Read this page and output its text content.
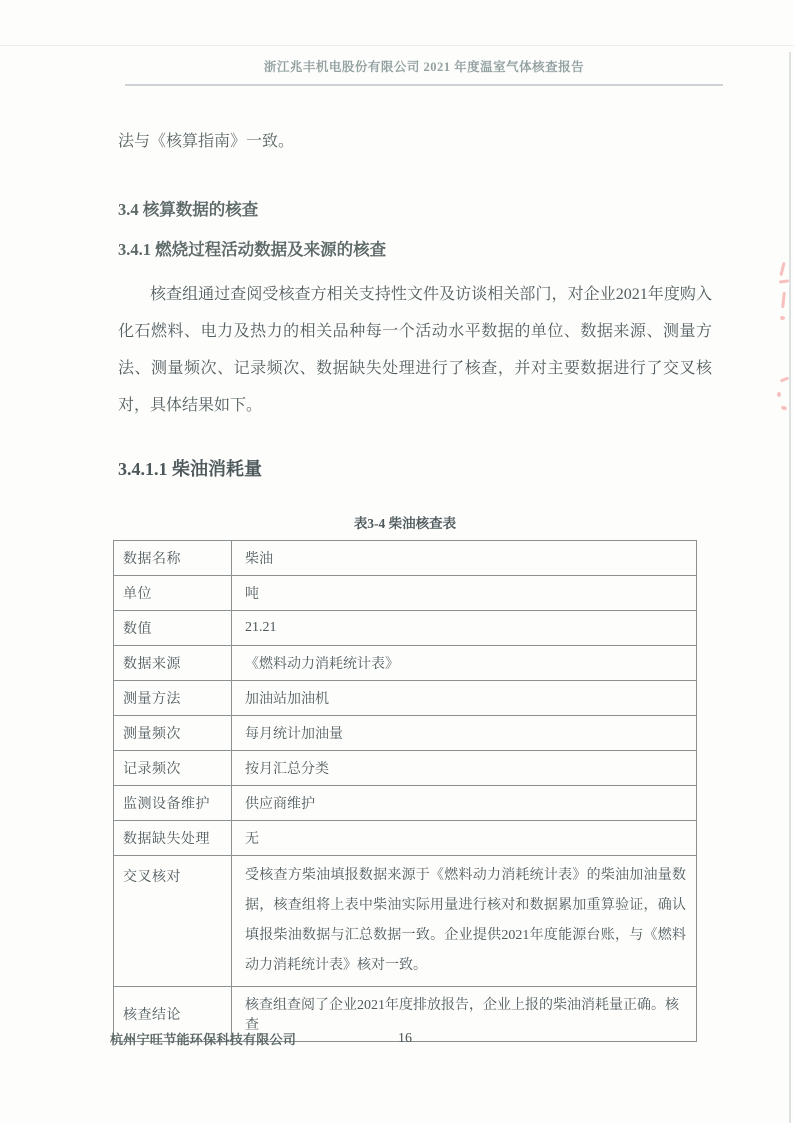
浙江兆丰机电股份有限公司 2021 年度温室气体核查报告

法与《核算指南》一致。

3.4 核算数据的核查
3.4.1 燃烧过程活动数据及来源的核查

核查组通过查阅受核查方相关支持性文件及访谈相关部门，对企业2021年度购入化石燃料、电力及热力的相关品种每一个活动水平数据的单位、数据来源、测量方法、测量频次、记录频次、数据缺失处理进行了核查，并对主要数据进行了交叉核对，具体结果如下。

3.4.1.1 柴油消耗量
表3-4 柴油核查表
数据名称	柴油
单位	吨
数值	21.21
数据来源	《燃料动力消耗统计表》
测量方法	加油站加油机
测量频次	每月统计加油量
记录频次	按月汇总分类
监测设备维护	供应商维护
数据缺失处理	无
交叉核对	受核查方柴油填报数据来源于《燃料动力消耗统计表》的柴油加油量数据，核查组将上表中柴油实际用量进行核对和数据累加重算验证，确认填报柴油数据与汇总数据一致。企业提供2021年度能源台账，与《燃料动力消耗统计表》核对一致。
核查结论	核查组查阅了企业2021年度排放报告，企业上报的柴油消耗量正确。核查
杭州宁旺节能环保科技有限公司	16
